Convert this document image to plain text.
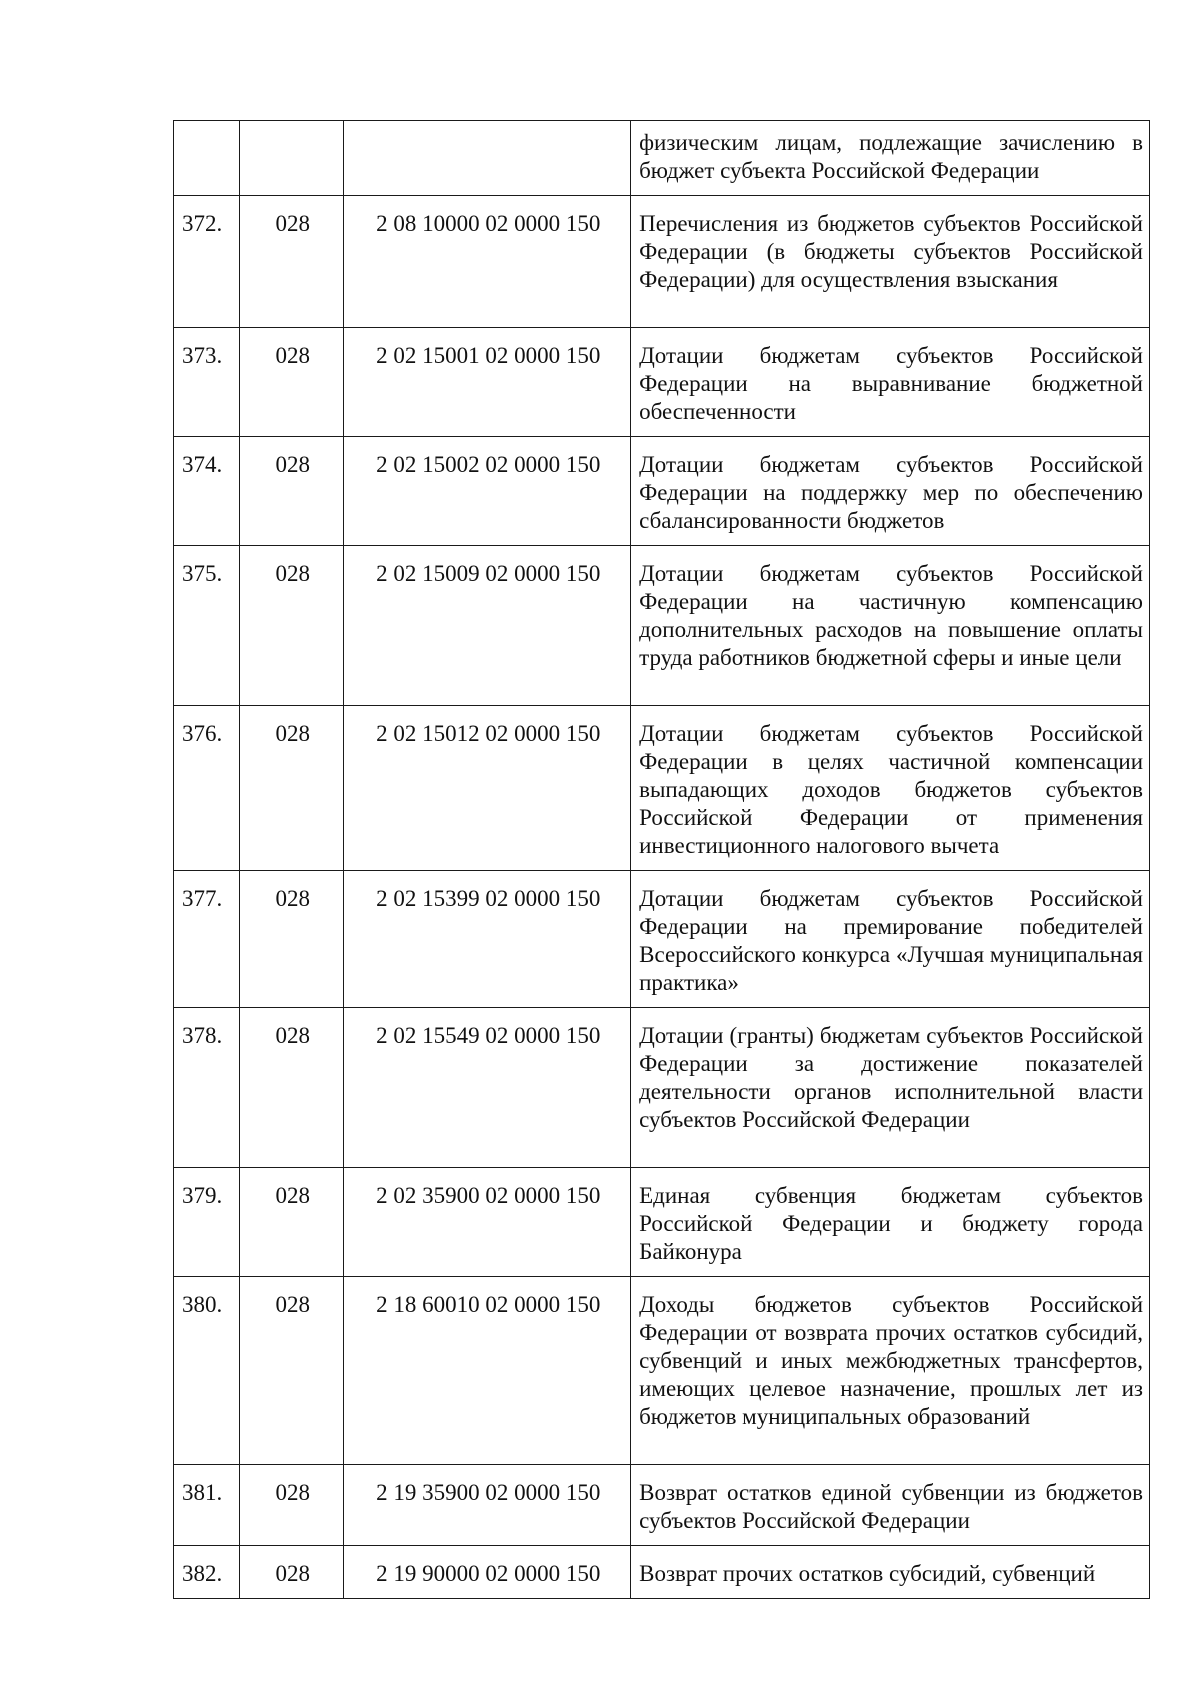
			физическим лицам, подлежащие зачислению в бюджет субъекта Российской Федерации
372.	028	2 08 10000 02 0000 150	Перечисления из бюджетов субъектов Российской Федерации (в бюджеты субъектов Российской Федерации) для осуществления взыскания
373.	028	2 02 15001 02 0000 150	Дотации бюджетам субъектов Российской Федерации на выравнивание бюджетной обеспеченности
374.	028	2 02 15002 02 0000 150	Дотации бюджетам субъектов Российской Федерации на поддержку мер по обеспечению сбалансированности бюджетов
375.	028	2 02 15009 02 0000 150	Дотации бюджетам субъектов Российской Федерации на частичную компенсацию дополнительных расходов на повышение оплаты труда работников бюджетной сферы и иные цели
376.	028	2 02 15012 02 0000 150	Дотации бюджетам субъектов Российской Федерации в целях частичной компенсации выпадающих доходов бюджетов субъектов Российской Федерации от применения инвестиционного налогового вычета
377.	028	2 02 15399 02 0000 150	Дотации бюджетам субъектов Российской Федерации на премирование победителей Всероссийского конкурса «Лучшая муниципальная практика»
378.	028	2 02 15549 02 0000 150	Дотации (гранты) бюджетам субъектов Российской Федерации за достижение показателей деятельности органов исполнительной власти субъектов Российской Федерации
379.	028	2 02 35900 02 0000 150	Единая субвенция бюджетам субъектов Российской Федерации и бюджету города Байконура
380.	028	2 18 60010 02 0000 150	Доходы бюджетов субъектов Российской Федерации от возврата прочих остатков субсидий, субвенций и иных межбюджетных трансфертов, имеющих целевое назначение, прошлых лет из бюджетов муниципальных образований
381.	028	2 19 35900 02 0000 150	Возврат остатков единой субвенции из бюджетов субъектов Российской Федерации
382.	028	2 19 90000 02 0000 150	Возврат прочих остатков субсидий, субвенций
